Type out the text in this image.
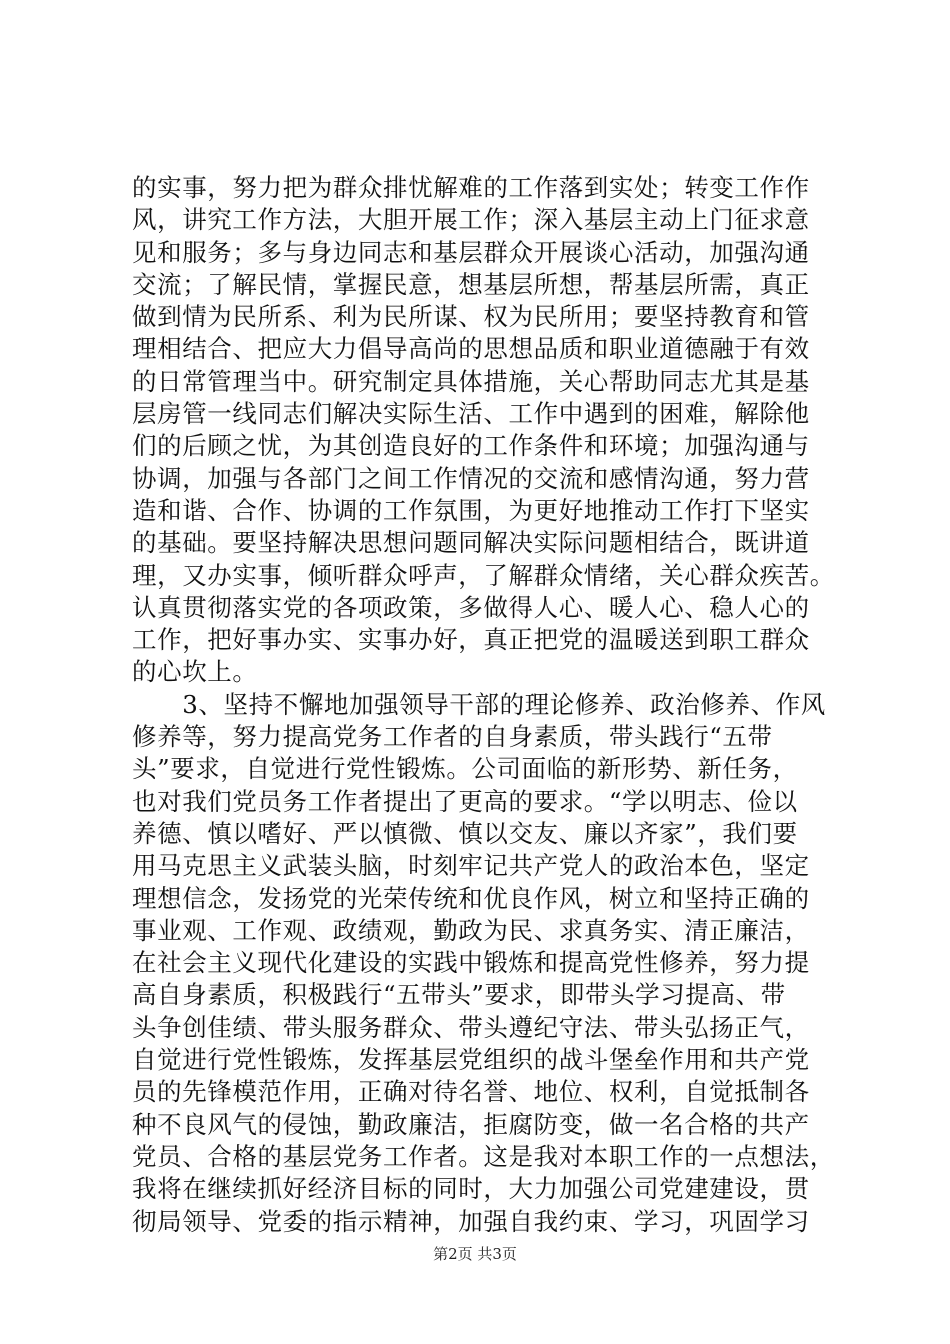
的实事，努力把为群众排忧解难的工作落到实处；转变工作作
风，讲究工作方法，大胆开展工作；深入基层主动上门征求意
见和服务；多与身边同志和基层群众开展谈心活动，加强沟通
交流；了解民情，掌握民意，想基层所想，帮基层所需，真正
做到情为民所系、利为民所谋、权为民所用；要坚持教育和管
理相结合、把应大力倡导高尚的思想品质和职业道德融于有效
的日常管理当中。研究制定具体措施，关心帮助同志尤其是基
层房管一线同志们解决实际生活、工作中遇到的困难，解除他
们的后顾之忧，为其创造良好的工作条件和环境；加强沟通与
协调，加强与各部门之间工作情况的交流和感情沟通，努力营
造和谐、合作、协调的工作氛围，为更好地推动工作打下坚实
的基础。要坚持解决思想问题同解决实际问题相结合，既讲道
理，又办实事，倾听群众呼声，了解群众情绪，关心群众疾苦。
认真贯彻落实党的各项政策，多做得人心、暖人心、稳人心的
工作，把好事办实、实事办好，真正把党的温暖送到职工群众
的心坎上。
　　3、坚持不懈地加强领导干部的理论修养、政治修养、作风
修养等，努力提高党务工作者的自身素质，带头践行“五带
头”要求，自觉进行党性锻炼。公司面临的新形势、新任务，
也对我们党员务工作者提出了更高的要求。“学以明志、俭以
养德、慎以嗜好、严以慎微、慎以交友、廉以齐家”，我们要
用马克思主义武装头脑，时刻牢记共产党人的政治本色，坚定
理想信念，发扬党的光荣传统和优良作风，树立和坚持正确的
事业观、工作观、政绩观，勤政为民、求真务实、清正廉洁，
在社会主义现代化建设的实践中锻炼和提高党性修养，努力提
高自身素质，积极践行“五带头”要求，即带头学习提高、带
头争创佳绩、带头服务群众、带头遵纪守法、带头弘扬正气，
自觉进行党性锻炼，发挥基层党组织的战斗堡垒作用和共产党
员的先锋模范作用，正确对待名誉、地位、权利，自觉抵制各
种不良风气的侵蚀，勤政廉洁，拒腐防变，做一名合格的共产
党员、合格的基层党务工作者。这是我对本职工作的一点想法，
我将在继续抓好经济目标的同时，大力加强公司党建建设，贯
彻局领导、党委的指示精神，加强自我约束、学习，巩固学习
第2页 共3页
